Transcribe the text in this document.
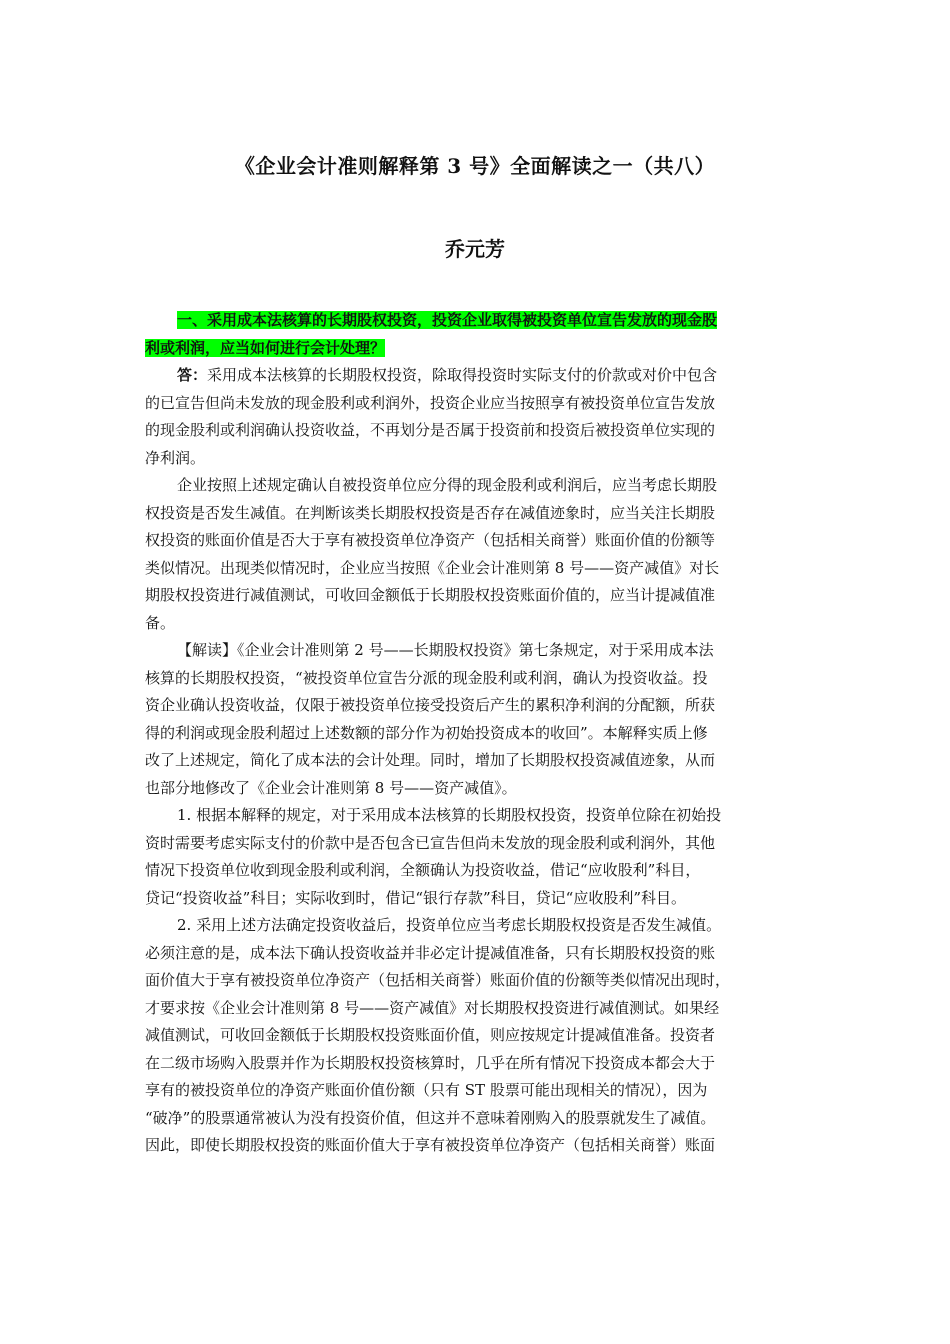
《企业会计准则解释第 3 号》全面解读之一（共八）
乔元芳
一、采用成本法核算的长期股权投资，投资企业取得被投资单位宣告发放的现金股
利或利润，应当如何进行会计处理？
答：采用成本法核算的长期股权投资，除取得投资时实际支付的价款或对价中包含
的已宣告但尚未发放的现金股利或利润外，投资企业应当按照享有被投资单位宣告发放
的现金股利或利润确认投资收益，不再划分是否属于投资前和投资后被投资单位实现的
净利润。
企业按照上述规定确认自被投资单位应分得的现金股利或利润后，应当考虑长期股
权投资是否发生减值。在判断该类长期股权投资是否存在减值迹象时，应当关注长期股
权投资的账面价值是否大于享有被投资单位净资产（包括相关商誉）账面价值的份额等
类似情况。出现类似情况时，企业应当按照《企业会计准则第 8 号——资产减值》对长
期股权投资进行减值测试，可收回金额低于长期股权投资账面价值的，应当计提减值准
备。
【解读】《企业会计准则第 2 号——长期股权投资》第七条规定，对于采用成本法
核算的长期股权投资，“被投资单位宣告分派的现金股利或利润，确认为投资收益。投
资企业确认投资收益，仅限于被投资单位接受投资后产生的累积净利润的分配额，所获
得的利润或现金股利超过上述数额的部分作为初始投资成本的收回”。本解释实质上修
改了上述规定，简化了成本法的会计处理。同时，增加了长期股权投资减值迹象，从而
也部分地修改了《企业会计准则第 8 号——资产减值》。
1. 根据本解释的规定，对于采用成本法核算的长期股权投资，投资单位除在初始投
资时需要考虑实际支付的价款中是否包含已宣告但尚未发放的现金股利或利润外，其他
情况下投资单位收到现金股利或利润，全额确认为投资收益，借记“应收股利”科目，
贷记“投资收益”科目；实际收到时，借记“银行存款”科目，贷记“应收股利”科目。
2. 采用上述方法确定投资收益后，投资单位应当考虑长期股权投资是否发生减值。
必须注意的是，成本法下确认投资收益并非必定计提减值准备，只有长期股权投资的账
面价值大于享有被投资单位净资产（包括相关商誉）账面价值的份额等类似情况出现时，
才要求按《企业会计准则第 8 号——资产减值》对长期股权投资进行减值测试。如果经
减值测试，可收回金额低于长期股权投资账面价值，则应按规定计提减值准备。投资者
在二级市场购入股票并作为长期股权投资核算时，几乎在所有情况下投资成本都会大于
享有的被投资单位的净资产账面价值份额（只有 ST 股票可能出现相关的情况），因为
“破净”的股票通常被认为没有投资价值，但这并不意味着刚购入的股票就发生了减值。
因此，即使长期股权投资的账面价值大于享有被投资单位净资产（包括相关商誉）账面
